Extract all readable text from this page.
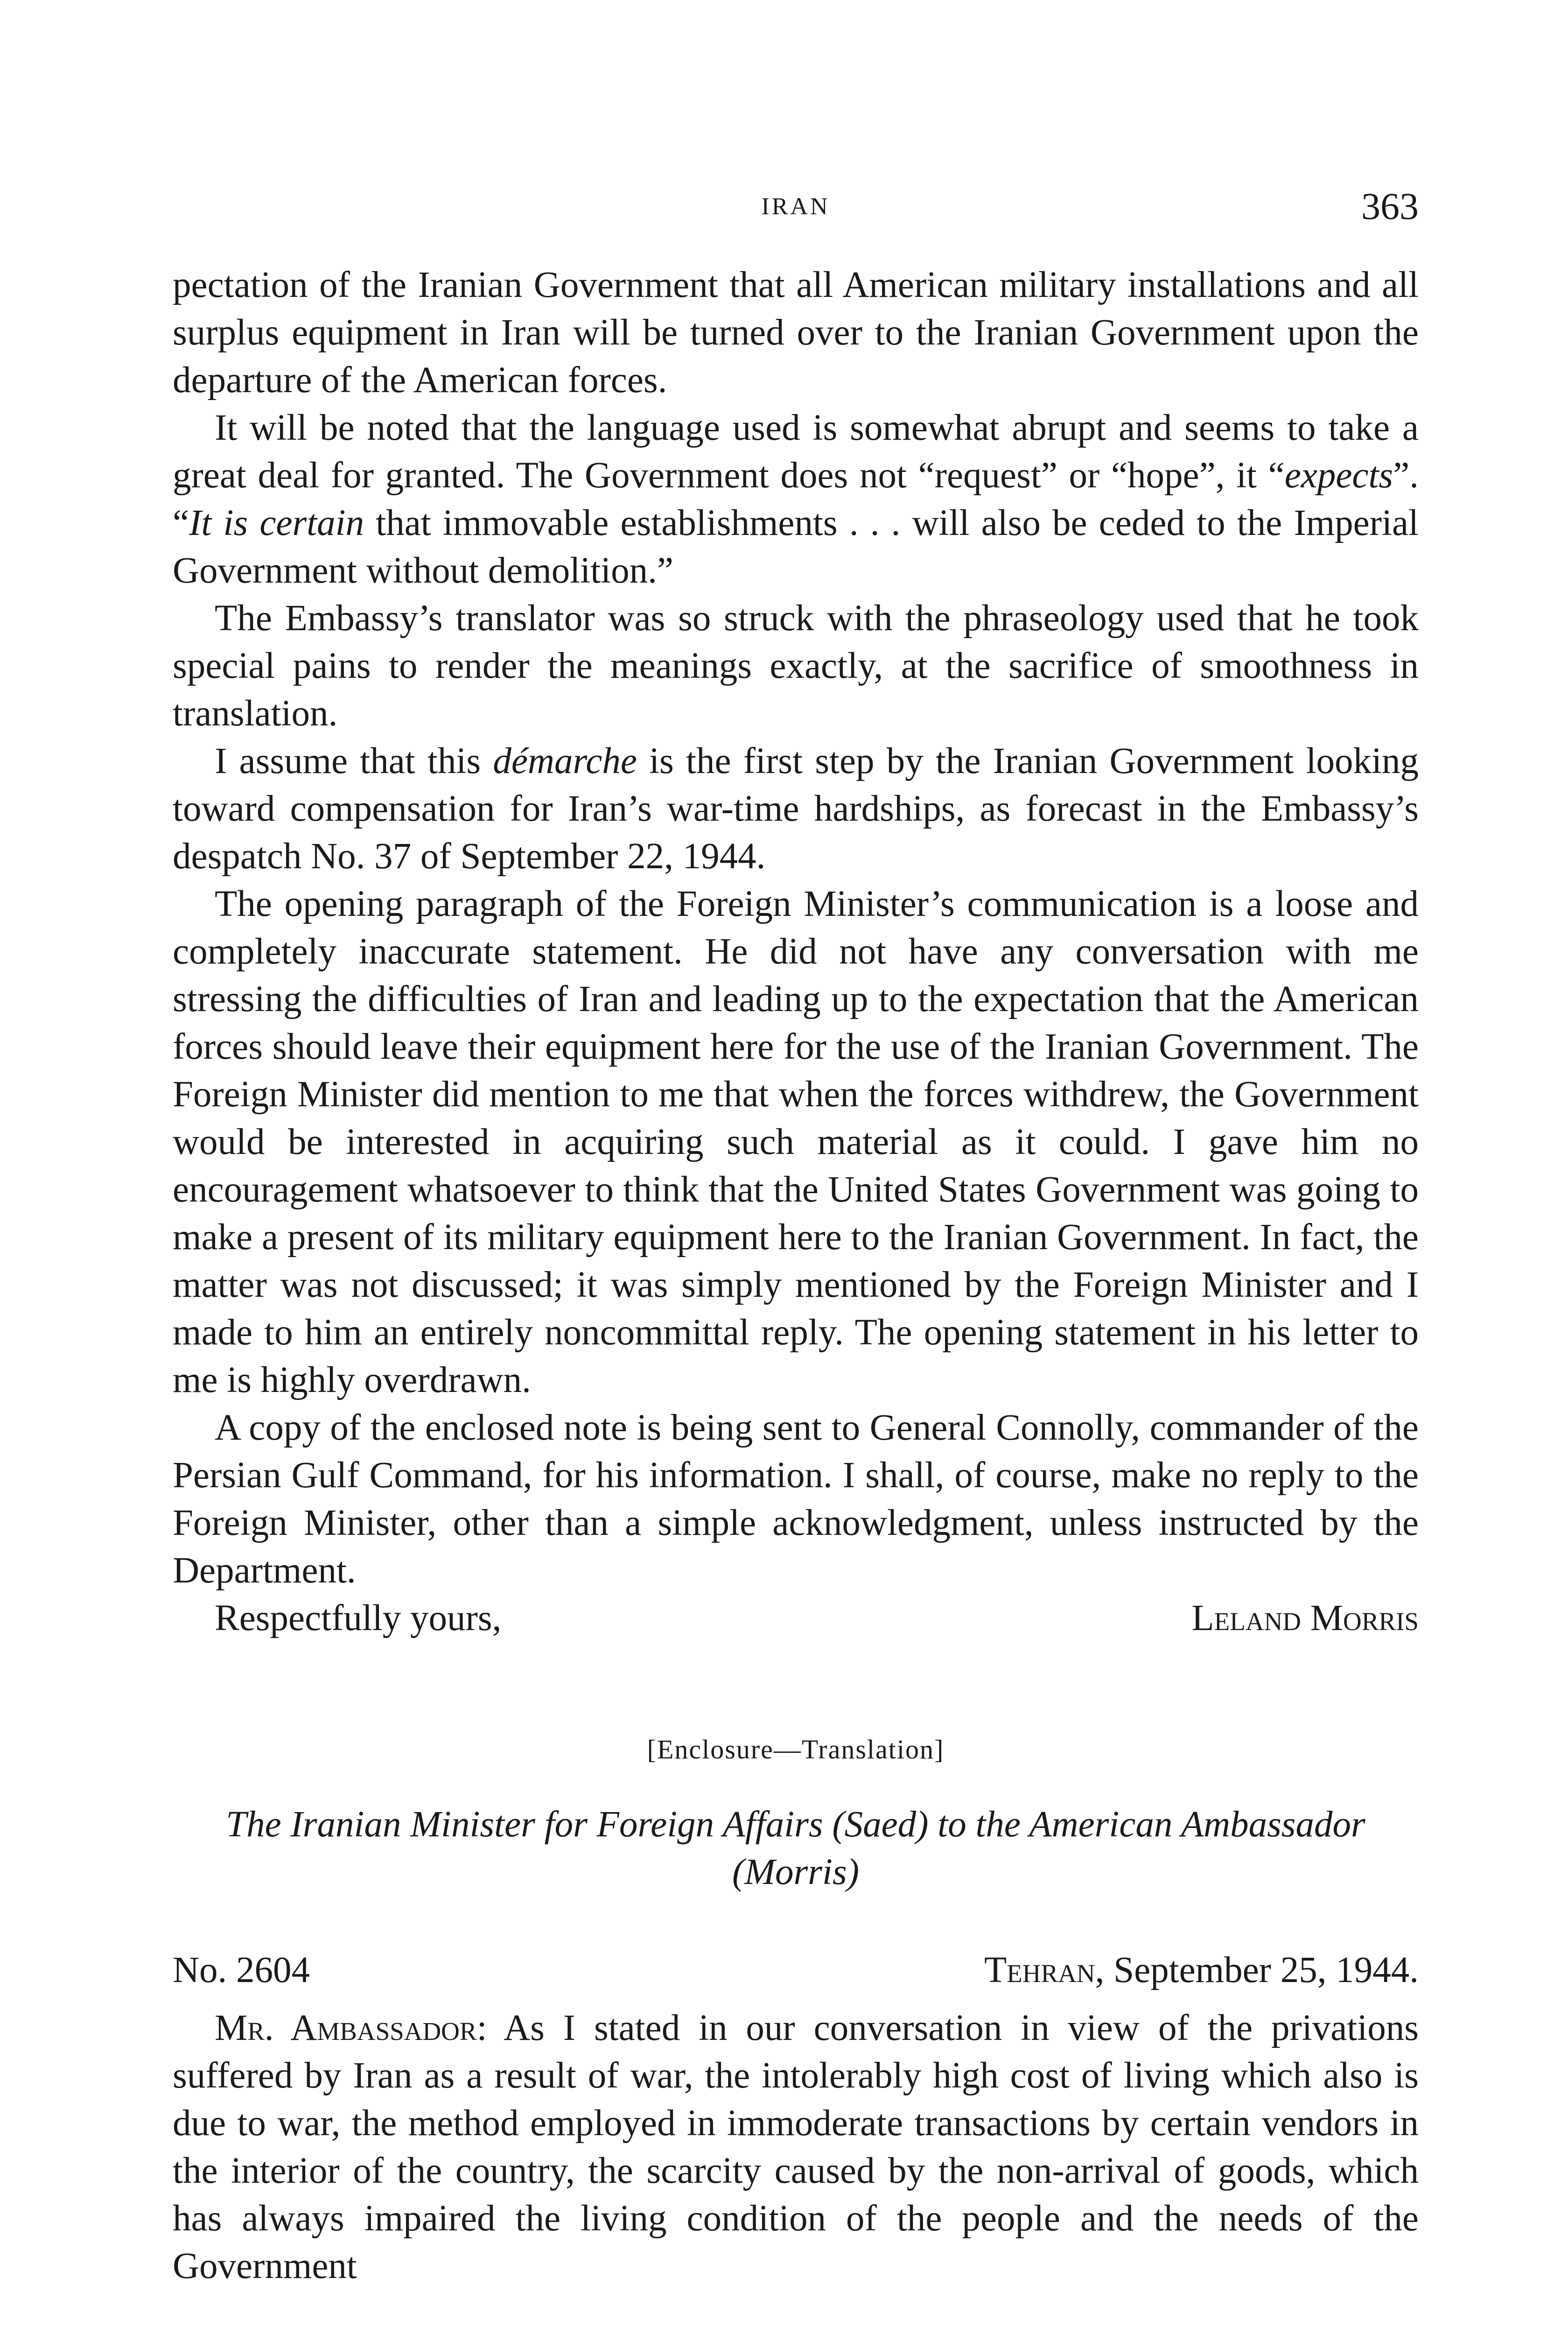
IRAN	363

pectation of the Iranian Government that all American military installations and all surplus equipment in Iran will be turned over to the Iranian Government upon the departure of the American forces.

It will be noted that the language used is somewhat abrupt and seems to take a great deal for granted. The Government does not “request” or “hope”, it “expects”. “It is certain that immovable establishments . . . will also be ceded to the Imperial Government without demolition.”

The Embassy’s translator was so struck with the phraseology used that he took special pains to render the meanings exactly, at the sacrifice of smoothness in translation.

I assume that this démarche is the first step by the Iranian Government looking toward compensation for Iran’s war-time hardships, as forecast in the Embassy’s despatch No. 37 of September 22, 1944.

The opening paragraph of the Foreign Minister’s communication is a loose and completely inaccurate statement. He did not have any conversation with me stressing the difficulties of Iran and leading up to the expectation that the American forces should leave their equipment here for the use of the Iranian Government. The Foreign Minister did mention to me that when the forces withdrew, the Government would be interested in acquiring such material as it could. I gave him no encouragement whatsoever to think that the United States Government was going to make a present of its military equipment here to the Iranian Government. In fact, the matter was not discussed; it was simply mentioned by the Foreign Minister and I made to him an entirely noncommittal reply. The opening statement in his letter to me is highly overdrawn.

A copy of the enclosed note is being sent to General Connolly, commander of the Persian Gulf Command, for his information. I shall, of course, make no reply to the Foreign Minister, other than a simple acknowledgment, unless instructed by the Department.

Respectfully yours,	Leland Morris
[Enclosure—Translation]
The Iranian Minister for Foreign Affairs (Saed) to the American Ambassador (Morris)
No. 2604	Tehran, September 25, 1944.

Mr. Ambassador: As I stated in our conversation in view of the privations suffered by Iran as a result of war, the intolerably high cost of living which also is due to war, the method employed in immoderate transactions by certain vendors in the interior of the country, the scarcity caused by the non-arrival of goods, which has always impaired the living condition of the people and the needs of the Government
